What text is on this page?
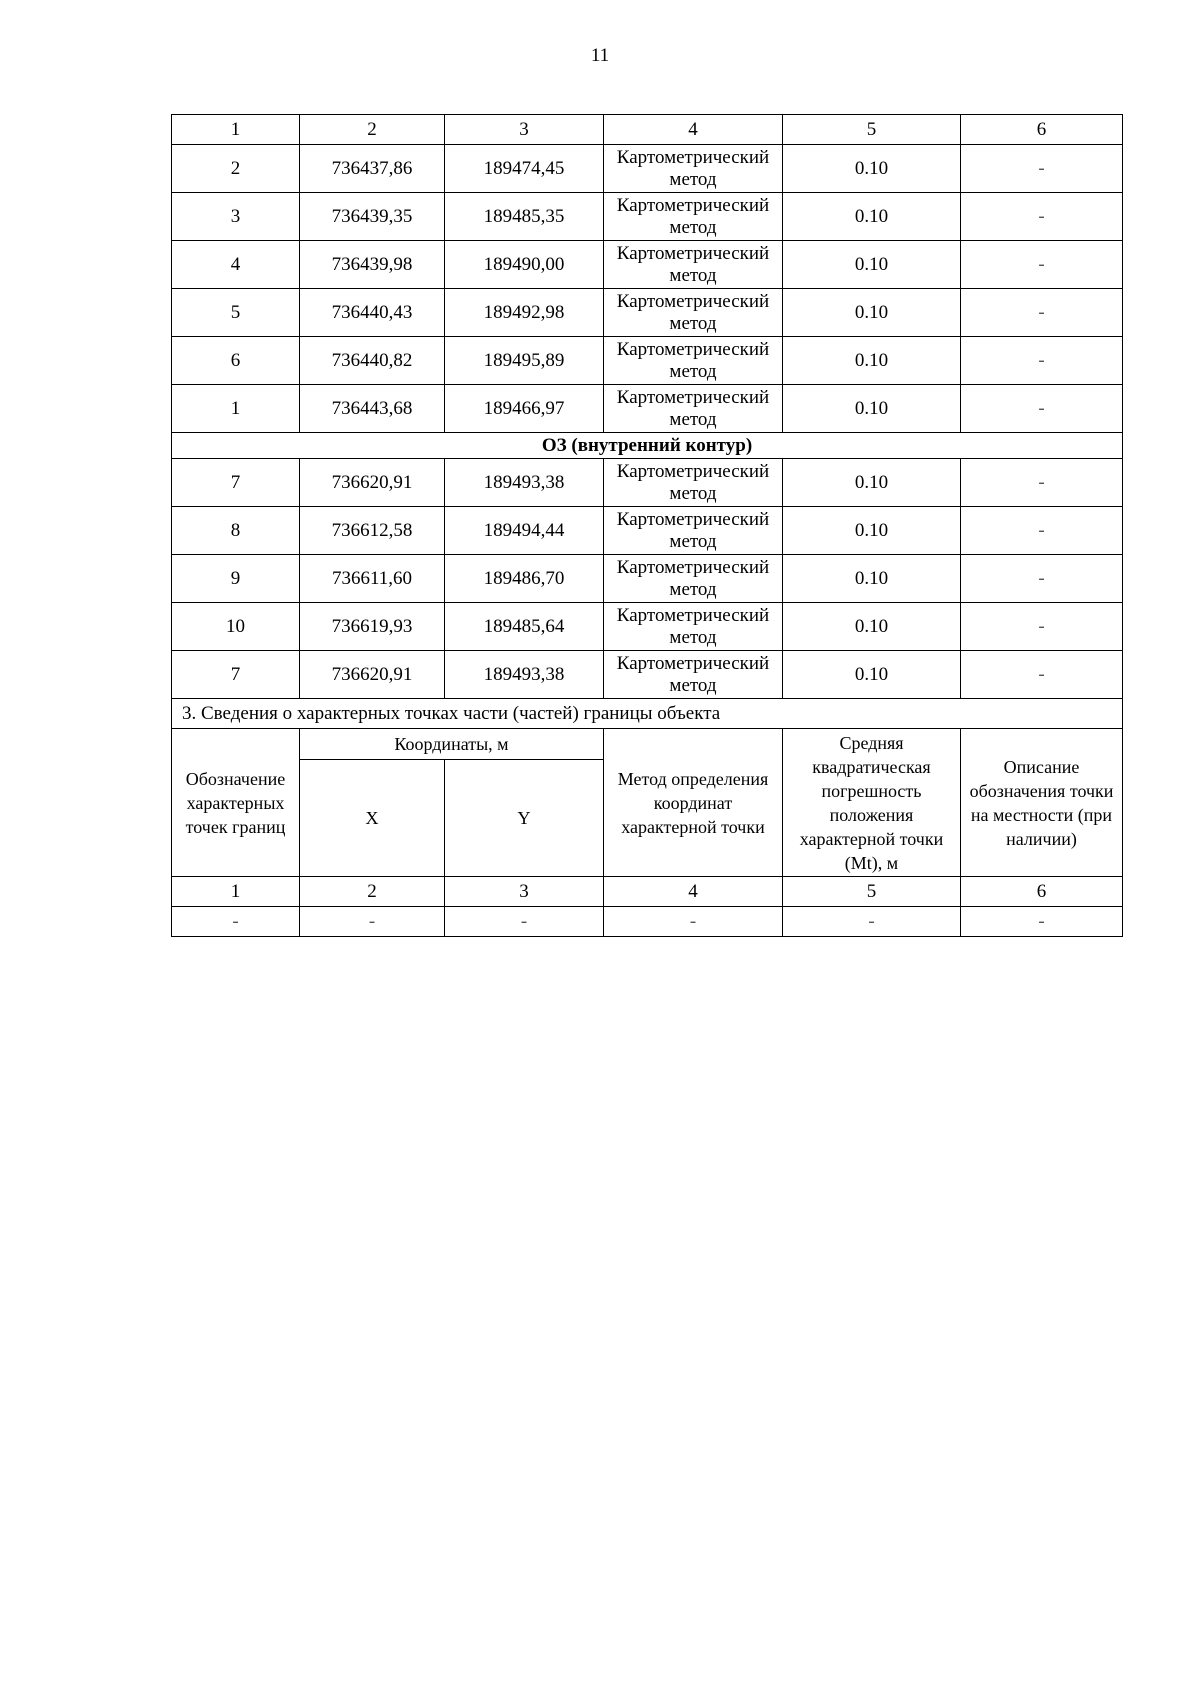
11
1	2	3	4	5	6
2	736437,86	189474,45	Картометрический метод	0.10	-
3	736439,35	189485,35	Картометрический метод	0.10	-
4	736439,98	189490,00	Картометрический метод	0.10	-
5	736440,43	189492,98	Картометрический метод	0.10	-
6	736440,82	189495,89	Картометрический метод	0.10	-
1	736443,68	189466,97	Картометрический метод	0.10	-
ОЗ (внутренний контур)					
7	736620,91	189493,38	Картометрический метод	0.10	-
8	736612,58	189494,44	Картометрический метод	0.10	-
9	736611,60	189486,70	Картометрический метод	0.10	-
10	736619,93	189485,64	Картометрический метод	0.10	-
7	736620,91	189493,38	Картометрический метод	0.10	-
3. Сведения о характерных точках части (частей) границы объекта					
Обозначение характерных точек границ	Координаты, м		Метод определения координат характерной точки	Средняя квадратическая погрешность положения характерной точки (Mt), м	Описание обозначения точки на местности (при наличии)
	X	Y			
1	2	3	4	5	6
-	-	-	-	-	-
